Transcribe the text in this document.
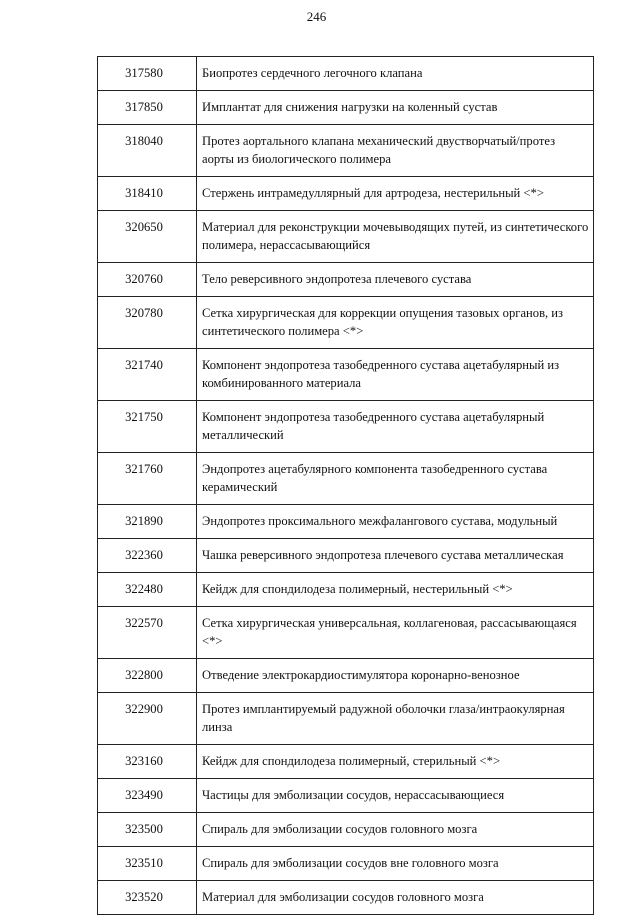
246
317580	Биопротез сердечного легочного клапана
317850	Имплантат для снижения нагрузки на коленный сустав
318040	Протез аортального клапана механический двустворчатый/протез аорты из биологического полимера
318410	Стержень интрамедуллярный для артродеза, нестерильный <*>
320650	Материал для реконструкции мочевыводящих путей, из синтетического полимера, нерассасывающийся
320760	Тело реверсивного эндопротеза плечевого сустава
320780	Сетка хирургическая для коррекции опущения тазовых органов, из синтетического полимера <*>
321740	Компонент эндопротеза тазобедренного сустава ацетабулярный из комбинированного материала
321750	Компонент эндопротеза тазобедренного сустава ацетабулярный металлический
321760	Эндопротез ацетабулярного компонента тазобедренного сустава керамический
321890	Эндопротез проксимального межфалангового сустава, модульный
322360	Чашка реверсивного эндопротеза плечевого сустава металлическая
322480	Кейдж для спондилодеза полимерный, нестерильный <*>
322570	Сетка хирургическая универсальная, коллагеновая, рассасывающаяся <*>
322800	Отведение электрокардиостимулятора коронарно-венозное
322900	Протез имплантируемый радужной оболочки глаза/интраокулярная линза
323160	Кейдж для спондилодеза полимерный, стерильный <*>
323490	Частицы для эмболизации сосудов, нерассасывающиеся
323500	Спираль для эмболизации сосудов головного мозга
323510	Спираль для эмболизации сосудов вне головного мозга
323520	Материал для эмболизации сосудов головного мозга
